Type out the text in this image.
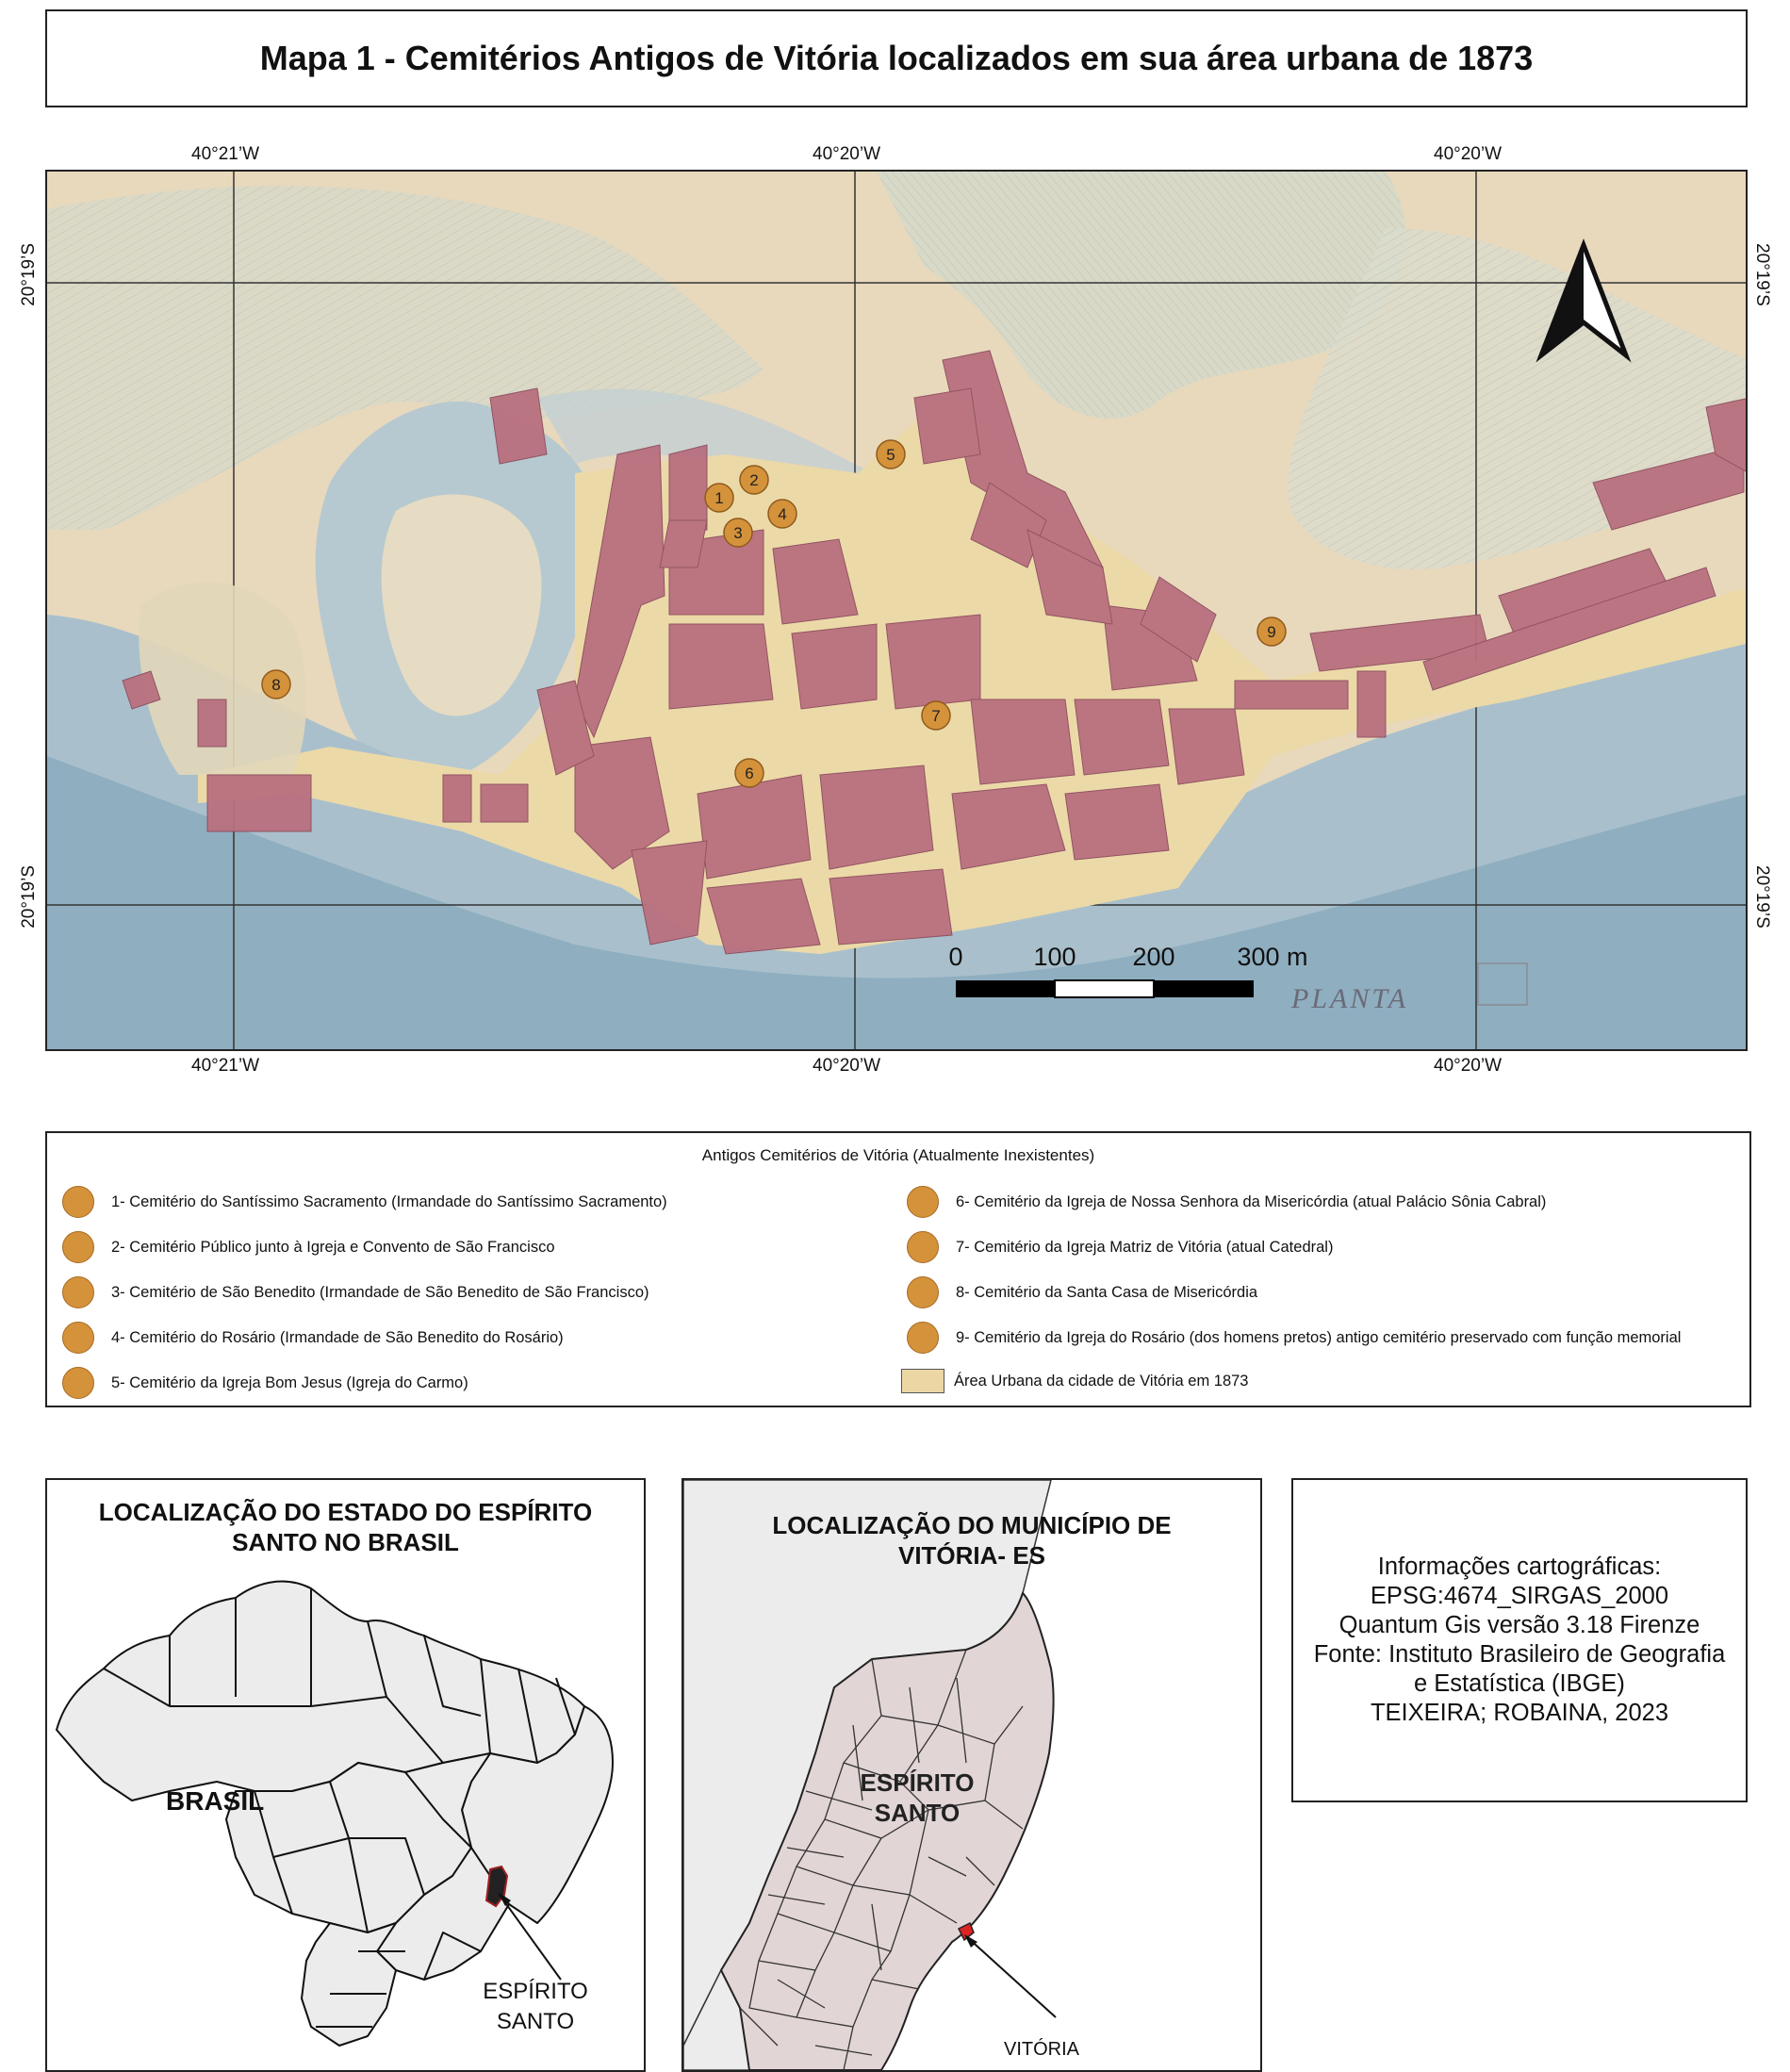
Mapa 1 - Cemitérios Antigos de Vitória localizados em sua área urbana de 1873
40°21’W	40°20’W	40°20’W
40°21’W	40°20’W	40°20’W
20°19’S
20°19’S
20°19’S
20°19’S
1
2
3
4
5
6
7
8
9
0	100 200 300 m
PLANTA
Antigos Cemitérios de Vitória (Atualmente Inexistentes)
1- Cemitério do Santíssimo Sacramento (Irmandade do Santíssimo Sacramento)
2- Cemitério Público junto à Igreja e Convento de São Francisco
3- Cemitério de São Benedito (Irmandade de São Benedito de São Francisco)
4- Cemitério do Rosário (Irmandade de São Benedito do Rosário)
5- Cemitério da Igreja Bom Jesus (Igreja do Carmo)
6- Cemitério da Igreja de Nossa Senhora da Misericórdia (atual Palácio Sônia Cabral)
7- Cemitério da Igreja Matriz de Vitória (atual Catedral)
8- Cemitério da Santa Casa de Misericórdia
9- Cemitério da Igreja do Rosário (dos homens pretos) antigo cemitério preservado com função memorial
Área Urbana da cidade de Vitória em 1873
LOCALIZAÇÃO DO ESTADO DO ESPÍRITO
SANTO NO BRASIL
BRASIL
ESPÍRITO
SANTO
VITÓRIA
ESPÍRITO
SANTO
LOCALIZAÇÃO DO MUNICÍPIO DE
VITÓRIA- ES	Informações cartográficas:
EPSG:4674_SIRGAS_2000
Quantum Gis versão 3.18 Firenze
Fonte: Instituto Brasileiro de Geografia
e Estatística (IBGE)
TEIXEIRA; ROBAINA, 2023
